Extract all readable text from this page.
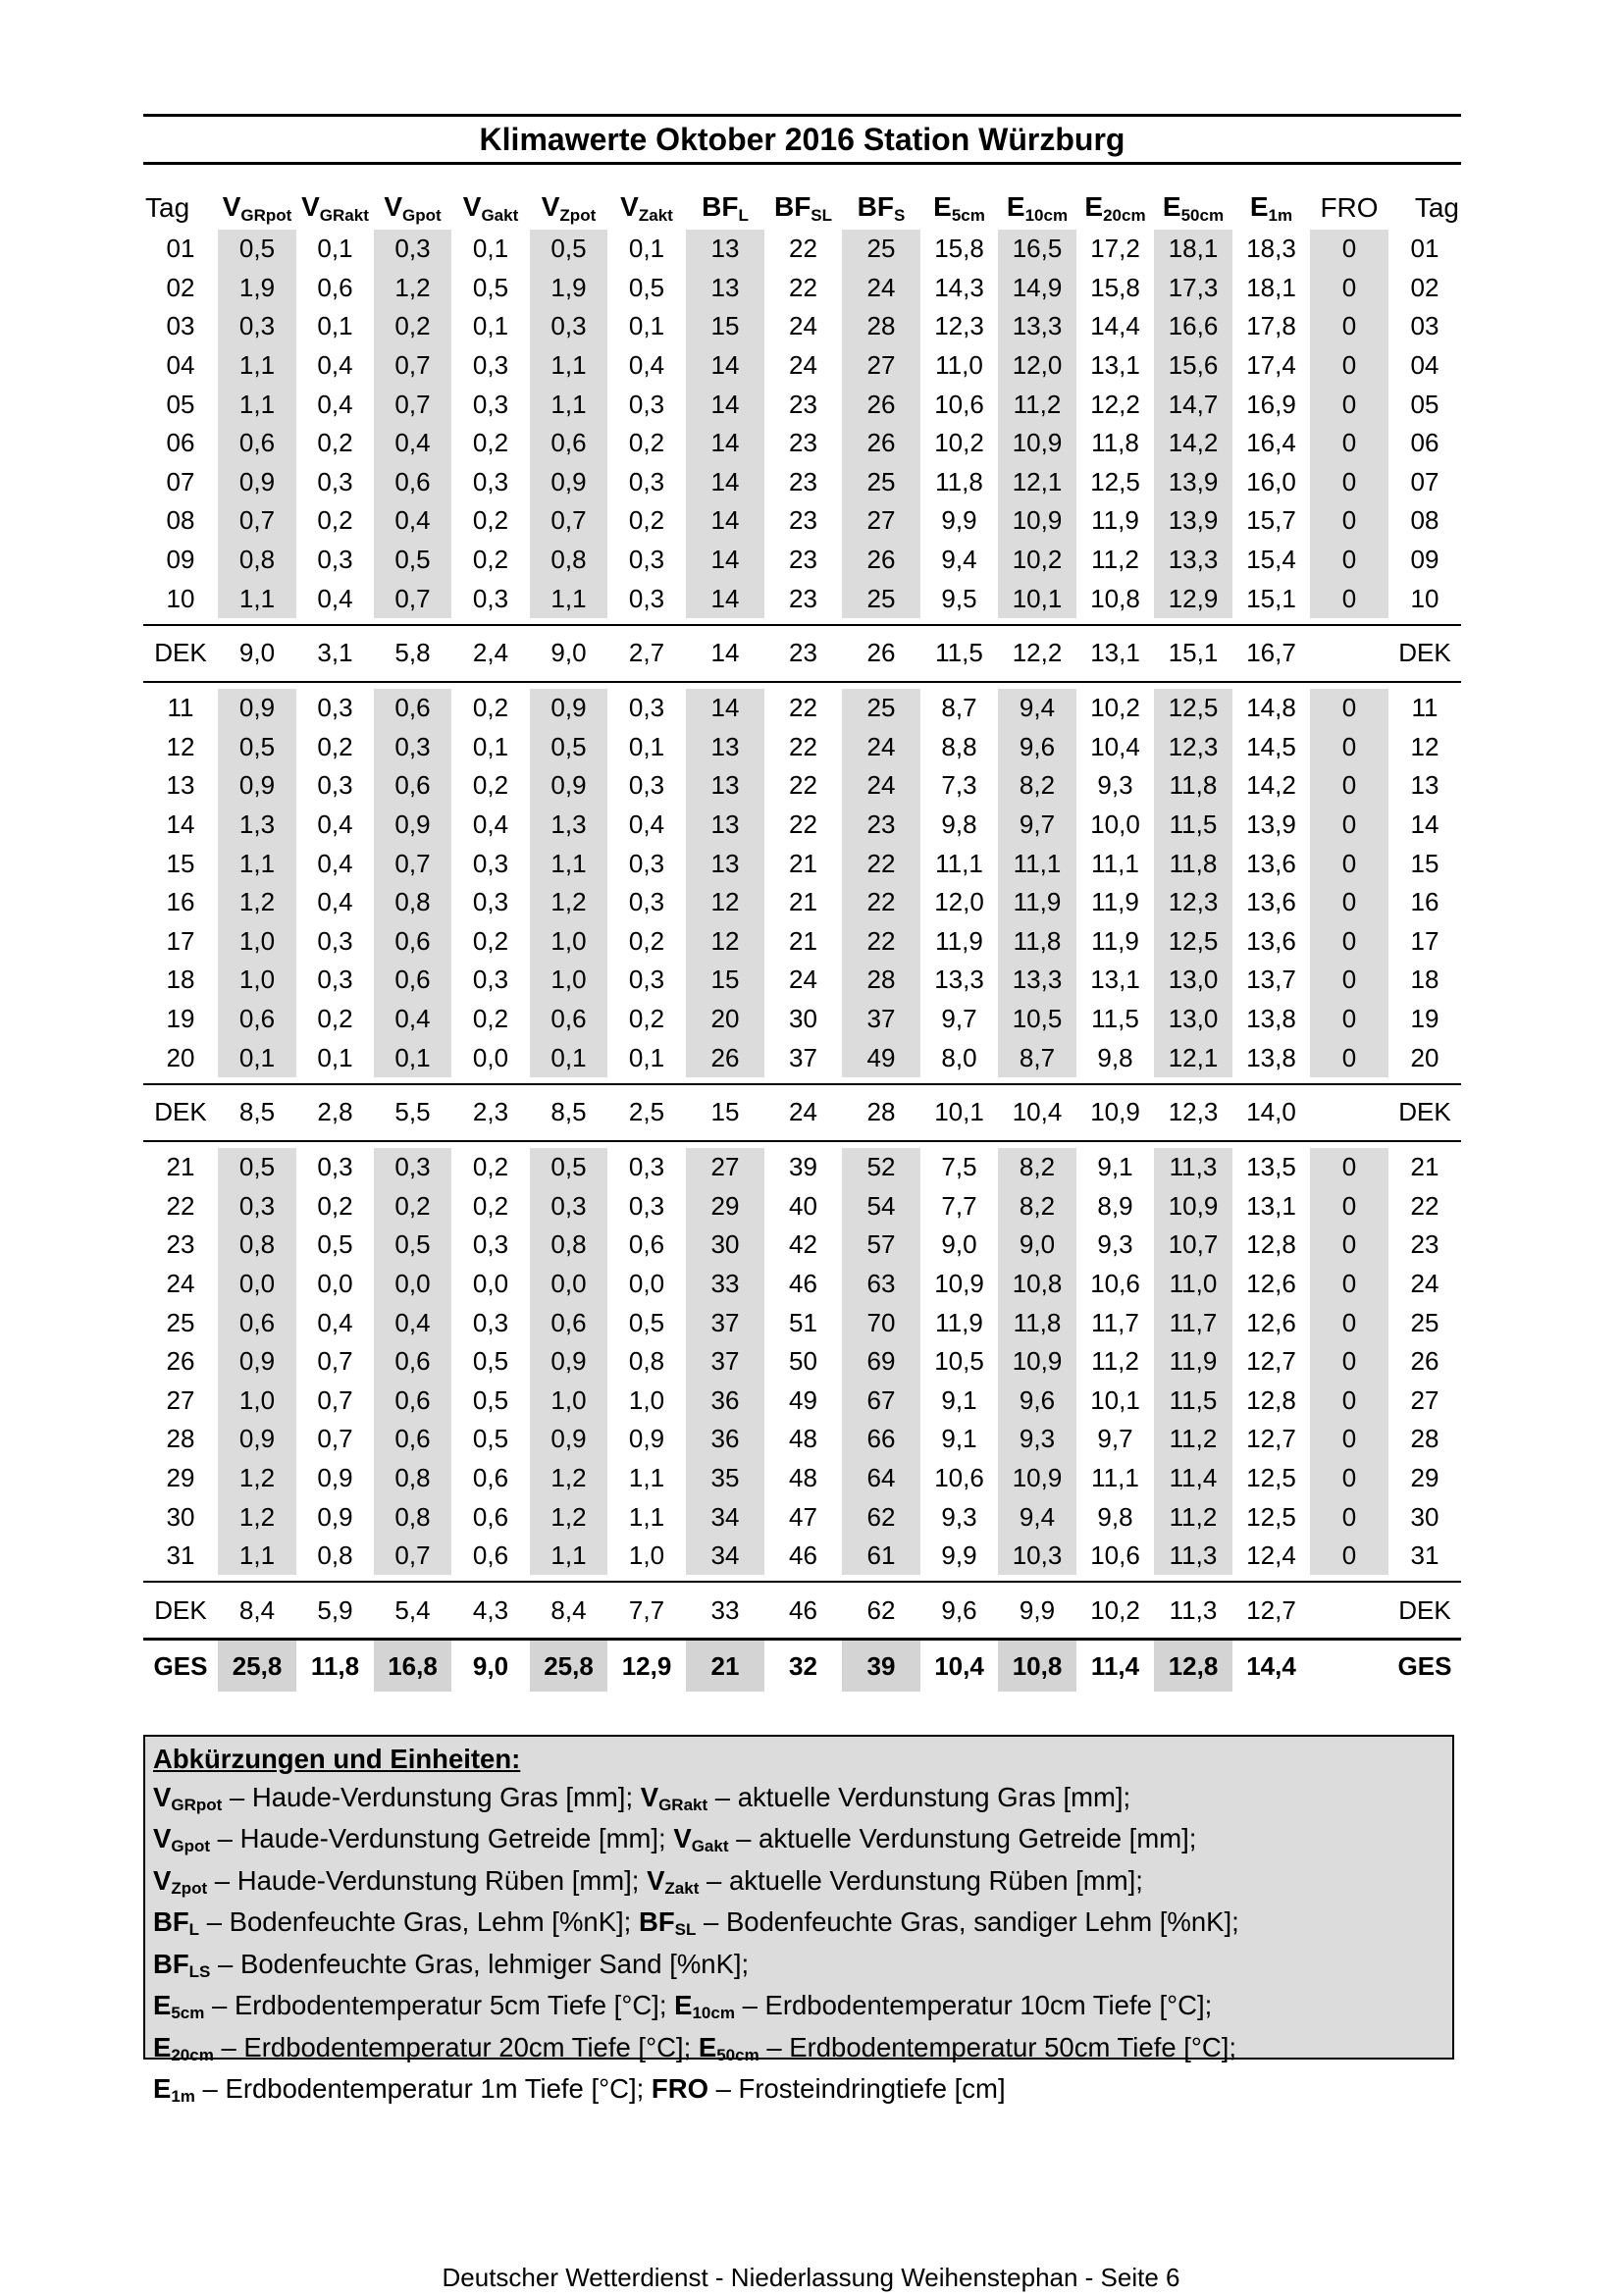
Klimawerte Oktober 2016 Station Würzburg
Tag	$V_{GRpot}$	$V_{GRakt}$	$V_{Gpot}$	$V_{Gakt}$	$V_{Zpot}$	$V_{Zakt}$	$BF_L$	$BF_{SL}$	$BF_S$	$E_{5cm}$	$E_{10cm}$	$E_{20cm}$	$E_{50cm}$	$E_{1m}$	FRO	Tag
01	0,5	0,1	0,3	0,1	0,5	0,1	13	22	25	15,8	16,5	17,2	18,1	18,3	0	01
02	1,9	0,6	1,2	0,5	1,9	0,5	13	22	24	14,3	14,9	15,8	17,3	18,1	0	02
03	0,3	0,1	0,2	0,1	0,3	0,1	15	24	28	12,3	13,3	14,4	16,6	17,8	0	03
04	1,1	0,4	0,7	0,3	1,1	0,4	14	24	27	11,0	12,0	13,1	15,6	17,4	0	04
05	1,1	0,4	0,7	0,3	1,1	0,3	14	23	26	10,6	11,2	12,2	14,7	16,9	0	05
06	0,6	0,2	0,4	0,2	0,6	0,2	14	23	26	10,2	10,9	11,8	14,2	16,4	0	06
07	0,9	0,3	0,6	0,3	0,9	0,3	14	23	25	11,8	12,1	12,5	13,9	16,0	0	07
08	0,7	0,2	0,4	0,2	0,7	0,2	14	23	27	9,9	10,9	11,9	13,9	15,7	0	08
09	0,8	0,3	0,5	0,2	0,8	0,3	14	23	26	9,4	10,2	11,2	13,3	15,4	0	09
10	1,1	0,4	0,7	0,3	1,1	0,3	14	23	25	9,5	10,1	10,8	12,9	15,1	0	10

DEK	9,0	3,1	5,8	2,4	9,0	2,7	14	23	26	11,5	12,2	13,1	15,1	16,7		DEK

11	0,9	0,3	0,6	0,2	0,9	0,3	14	22	25	8,7	9,4	10,2	12,5	14,8	0	11
12	0,5	0,2	0,3	0,1	0,5	0,1	13	22	24	8,8	9,6	10,4	12,3	14,5	0	12
13	0,9	0,3	0,6	0,2	0,9	0,3	13	22	24	7,3	8,2	9,3	11,8	14,2	0	13
14	1,3	0,4	0,9	0,4	1,3	0,4	13	22	23	9,8	9,7	10,0	11,5	13,9	0	14
15	1,1	0,4	0,7	0,3	1,1	0,3	13	21	22	11,1	11,1	11,1	11,8	13,6	0	15
16	1,2	0,4	0,8	0,3	1,2	0,3	12	21	22	12,0	11,9	11,9	12,3	13,6	0	16
17	1,0	0,3	0,6	0,2	1,0	0,2	12	21	22	11,9	11,8	11,9	12,5	13,6	0	17
18	1,0	0,3	0,6	0,3	1,0	0,3	15	24	28	13,3	13,3	13,1	13,0	13,7	0	18
19	0,6	0,2	0,4	0,2	0,6	0,2	20	30	37	9,7	10,5	11,5	13,0	13,8	0	19
20	0,1	0,1	0,1	0,0	0,1	0,1	26	37	49	8,0	8,7	9,8	12,1	13,8	0	20

DEK	8,5	2,8	5,5	2,3	8,5	2,5	15	24	28	10,1	10,4	10,9	12,3	14,0		DEK

21	0,5	0,3	0,3	0,2	0,5	0,3	27	39	52	7,5	8,2	9,1	11,3	13,5	0	21
22	0,3	0,2	0,2	0,2	0,3	0,3	29	40	54	7,7	8,2	8,9	10,9	13,1	0	22
23	0,8	0,5	0,5	0,3	0,8	0,6	30	42	57	9,0	9,0	9,3	10,7	12,8	0	23
24	0,0	0,0	0,0	0,0	0,0	0,0	33	46	63	10,9	10,8	10,6	11,0	12,6	0	24
25	0,6	0,4	0,4	0,3	0,6	0,5	37	51	70	11,9	11,8	11,7	11,7	12,6	0	25
26	0,9	0,7	0,6	0,5	0,9	0,8	37	50	69	10,5	10,9	11,2	11,9	12,7	0	26
27	1,0	0,7	0,6	0,5	1,0	1,0	36	49	67	9,1	9,6	10,1	11,5	12,8	0	27
28	0,9	0,7	0,6	0,5	0,9	0,9	36	48	66	9,1	9,3	9,7	11,2	12,7	0	28
29	1,2	0,9	0,8	0,6	1,2	1,1	35	48	64	10,6	10,9	11,1	11,4	12,5	0	29
30	1,2	0,9	0,8	0,6	1,2	1,1	34	47	62	9,3	9,4	9,8	11,2	12,5	0	30
31	1,1	0,8	0,7	0,6	1,1	1,0	34	46	61	9,9	10,3	10,6	11,3	12,4	0	31

DEK	8,4	5,9	5,4	4,3	8,4	7,7	33	46	62	9,6	9,9	10,2	11,3	12,7		DEK
GES	25,8	11,8	16,8	9,0	25,8	12,9	21	32	39	10,4	10,8	11,4	12,8	14,4		GES
Abkürzungen und Einheiten:
$V_{GRpot}$ – Haude-Verdunstung Gras [mm]; $V_{GRakt}$ – aktuelle Verdunstung Gras [mm];
$V_{Gpot}$ – Haude-Verdunstung Getreide [mm]; $V_{Gakt}$ – aktuelle Verdunstung Getreide [mm];
$V_{Zpot}$ – Haude-Verdunstung Rüben [mm]; $V_{Zakt}$ – aktuelle Verdunstung Rüben [mm];
$BF_L$ – Bodenfeuchte Gras, Lehm [%nK]; $BF_{SL}$ – Bodenfeuchte Gras, sandiger Lehm [%nK];
$BF_{LS}$ – Bodenfeuchte Gras, lehmiger Sand [%nK];
$E_{5cm}$ – Erdbodentemperatur 5cm Tiefe [°C]; $E_{10cm}$ – Erdbodentemperatur 10cm Tiefe [°C];
$E_{20cm}$ – Erdbodentemperatur 20cm Tiefe [°C]; $E_{50cm}$ – Erdbodentemperatur 50cm Tiefe [°C];
$E_{1m}$ – Erdbodentemperatur 1m Tiefe [°C]; FRO – Frosteindringtiefe [cm]
Deutscher Wetterdienst - Niederlassung Weihenstephan - Seite 6
